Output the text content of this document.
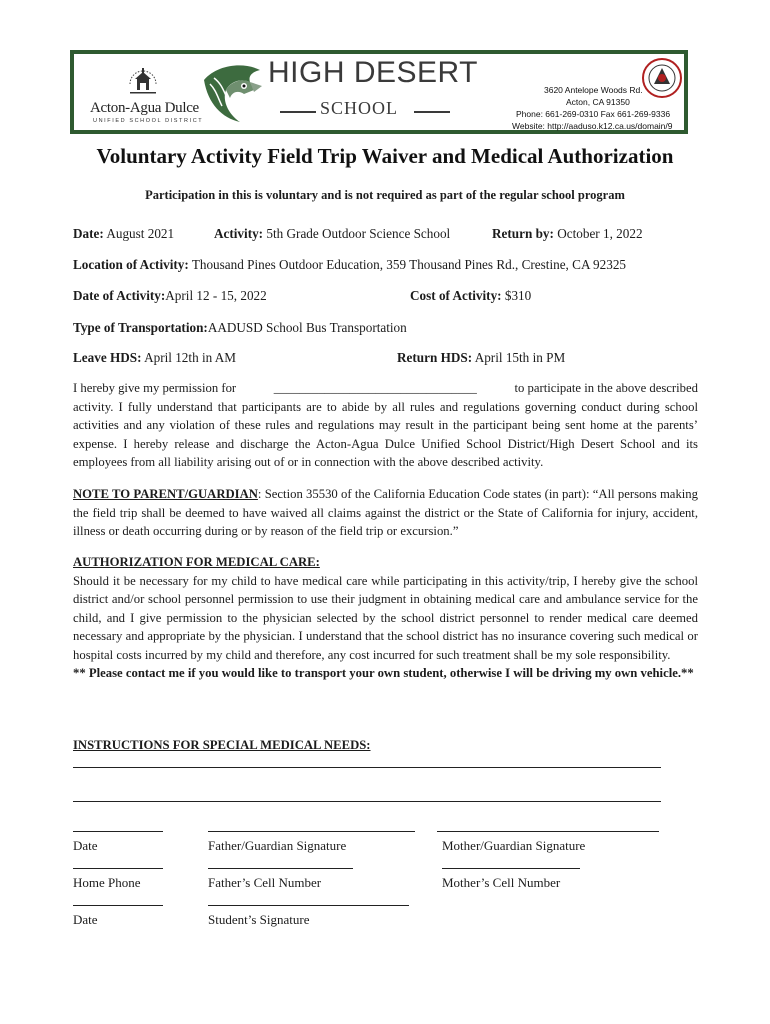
Acton-Agua Dulce
UNIFIED SCHOOL DISTRICT
HIGH DESERT
SCHOOL
3620 Antelope Woods Rd.
Acton, CA 91350
Phone: 661-269-0310 Fax 661-269-9336
Website: http://aaduso.k12.ca.us/domain/9
Voluntary Activity Field Trip Waiver and Medical Authorization
Participation in this is voluntary and is not required as part of the regular school program
Date: August 2021	Activity: 5th Grade Outdoor Science School	Return by: October 1, 2022
Location of Activity: Thousand Pines Outdoor Education, 359 Thousand Pines Rd., Crestine, CA 92325
Date of Activity:April 12 - 15, 2022	Cost of Activity: $310
Type of Transportation:AADUSD School Bus Transportation
Leave HDS: April 12th in AM	Return HDS: April 15th in PM
I hereby give my permission for	________________________________	to participate in the above described
activity. I fully understand that participants are to abide by all rules and regulations governing conduct during school activities and any violation of these rules and regulations may result in the participant being sent home at the parents’ expense. I hereby release and discharge the Acton-Agua Dulce Unified School District/High Desert School and its employees from all liability arising out of or in connection with the above described activity.
NOTE TO PARENT/GUARDIAN: Section 35530 of the California Education Code states (in part): “All persons making the field trip shall be deemed to have waived all claims against the district or the State of California for injury, accident, illness or death occurring during or by reason of the field trip or excursion.”
AUTHORIZATION FOR MEDICAL CARE:
Should it be necessary for my child to have medical care while participating in this activity/trip, I hereby give the school district and/or school personnel permission to use their judgment in obtaining medical care and ambulance service for the child, and I give permission to the physician selected by the school district personnel to render medical care deemed necessary and appropriate by the physician. I understand that the school district has no insurance covering such medical or hospital costs incurred by my child and therefore, any cost incurred for such treatment shall be my sole responsibility.
** Please contact me if you would like to transport your own student, otherwise I will be driving my own vehicle.**
INSTRUCTIONS FOR SPECIAL MEDICAL NEEDS:
Date	Father/Guardian Signature	Mother/Guardian Signature
Home Phone	Father’s Cell Number	Mother’s Cell Number
Date	Student’s Signature
